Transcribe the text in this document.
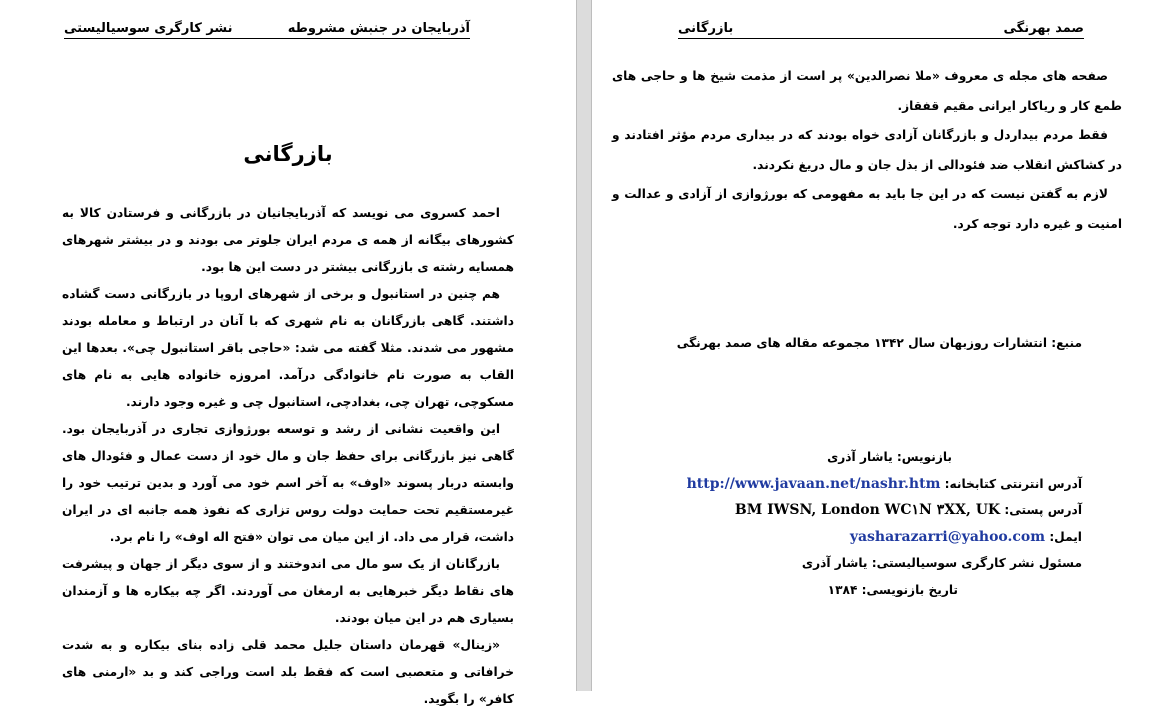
آذربایجان در جنبش مشروطه
نشر کارگری سوسیالیستی
بازرگانی

احمد کسروی می نویسد که آذربایجانیان در بازرگانی و فرستادن کالا به کشورهای بیگانه از همه ی مردم ایران جلوتر می بودند و در بیشتر شهرهای همسایه رشته ی بازرگانی بیشتر در دست این ها بود.

هم چنین در استانبول و برخی از شهرهای اروپا در بازرگانی دست گشاده داشتند. گاهی بازرگانان به نام شهری که با آنان در ارتباط و معامله بودند مشهور می شدند. مثلا گفته می شد: «حاجی باقر استانبول چی». بعدها این القاب به صورت نام خانوادگی درآمد. امروزه خانواده هایی به نام های مسکوچی، تهران چی، بغدادچی، استانبول چی و غیره وجود دارند.

این واقعیت نشانی از رشد و توسعه بورژوازی تجاری در آذربایجان بود. گاهی نیز بازرگانی برای حفظ جان و مال خود از دست عمال و فئودال های وابسته دربار پسوند «اوف» به آخر اسم خود می آورد و بدین ترتیب خود را غیرمستقیم تحت حمایت دولت روس تزاری که نفوذ همه جانبه ای در ایران داشت، قرار می داد. از این میان می توان «فتح اله اوف» را نام برد.

بازرگانان از یک سو مال می اندوختند و از سوی دیگر از جهان و پیشرفت های نقاط دیگر خبرهایی به ارمغان می آوردند. اگر چه بیکاره ها و آزمندان بسیاری هم در این میان بودند.

«زینال» قهرمان داستان جلیل محمد قلی زاده بنای بیکاره و به شدت خرافاتی و متعصبی است که فقط بلد است وراجی کند و بد «ارمنی های کافر» را بگوید.

صمد بهرنگی
بازرگانی

صفحه های مجله ی معروف «ملا نصرالدین» پر است از مذمت شیخ ها و حاجی های طمع کار و ریاکار ایرانی مقیم قفقاز.

فقط مردم بیداردل و بازرگانان آزادی خواه بودند که در بیداری مردم مؤثر افتادند و در کشاکش انقلاب ضد فئودالی از بذل جان و مال دریغ نکردند.

لازم به گفتن نیست که در این جا باید به مفهومی که بورژوازی از آزادی و عدالت و امنیت و غیره دارد توجه کرد.

منبع: انتشارات روزبهان سال ۱۳۴۲ مجموعه مقاله های صمد بهرنگی
بازنویس: یاشار آذری
آدرس انترنتی کتابخانه: http://www.javaan.net/nashr.htm
آدرس پستی: BM IWSN, London WC۱N ۳XX, UK
ایمل: yasharazarri@yahoo.com
مسئول نشر کارگری سوسیالیستی: یاشار آذری
تاریخ بازنویسی: ۱۳۸۴
